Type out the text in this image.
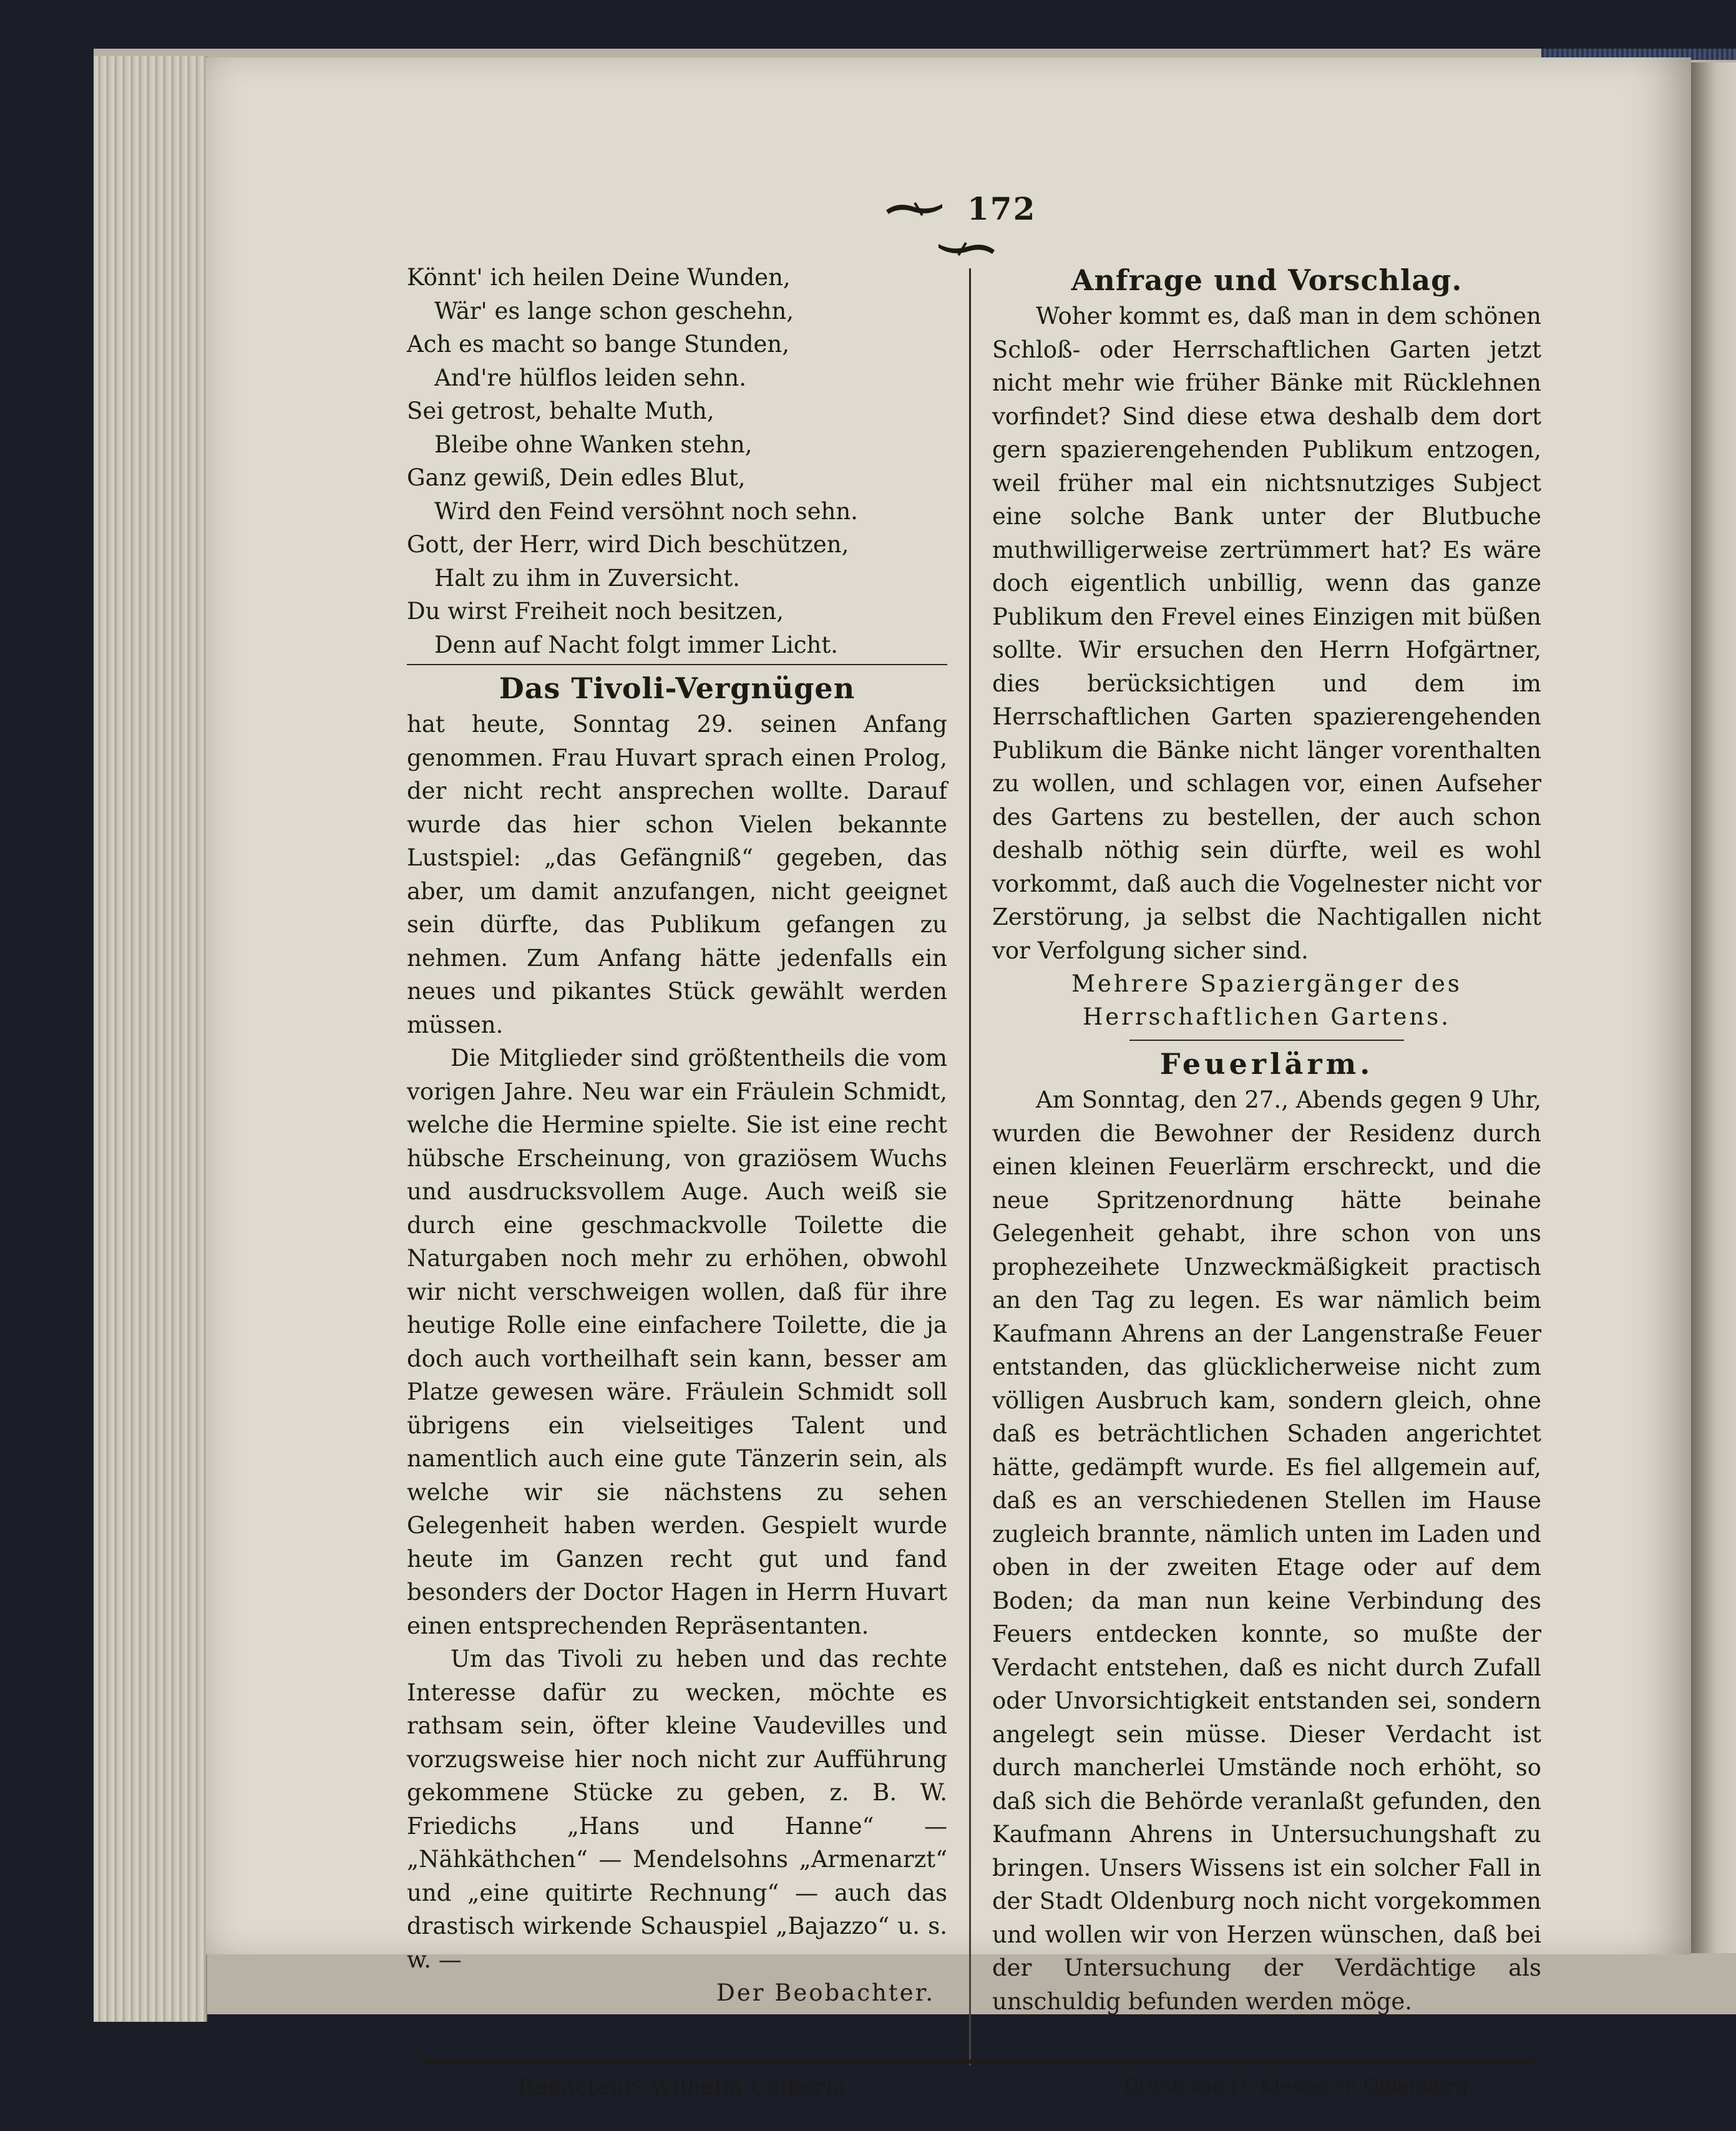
172
Könnt' ich heilen Deine Wunden,
Wär' es lange schon geschehn,
Ach es macht so bange Stunden,
And're hülflos leiden sehn.
Sei getrost, behalte Muth,
Bleibe ohne Wanken stehn,
Ganz gewiß, Dein edles Blut,
Wird den Feind versöhnt noch sehn.
Gott, der Herr, wird Dich beschützen,
Halt zu ihm in Zuversicht.
Du wirst Freiheit noch besitzen,
Denn auf Nacht folgt immer Licht.
Das Tivoli-Vergnügen

hat heute, Sonntag 29. seinen Anfang genommen. Frau Huvart sprach einen Prolog, der nicht recht ansprechen wollte. Darauf wurde das hier schon Vielen bekannte Lustspiel: „das Gefängniß“ gegeben, das aber, um damit anzufangen, nicht geeignet sein dürfte, das Publikum gefangen zu nehmen. Zum Anfang hätte jedenfalls ein neues und pikantes Stück gewählt werden müssen.

Die Mitglieder sind größtentheils die vom vorigen Jahre. Neu war ein Fräulein Schmidt, welche die Hermine spielte. Sie ist eine recht hübsche Erscheinung, von graziösem Wuchs und ausdrucksvollem Auge. Auch weiß sie durch eine geschmackvolle Toilette die Naturgaben noch mehr zu erhöhen, obwohl wir nicht verschweigen wollen, daß für ihre heutige Rolle eine einfachere Toilette, die ja doch auch vortheilhaft sein kann, besser am Platze gewesen wäre. Fräulein Schmidt soll übrigens ein vielseitiges Talent und namentlich auch eine gute Tänzerin sein, als welche wir sie nächstens zu sehen Gelegenheit haben werden. Gespielt wurde heute im Ganzen recht gut und fand besonders der Doctor Hagen in Herrn Huvart einen entsprechenden Repräsentanten.

Um das Tivoli zu heben und das rechte Interesse dafür zu wecken, möchte es rathsam sein, öfter kleine Vaudevilles und vorzugsweise hier noch nicht zur Aufführung gekommene Stücke zu geben, z. B. W. Friedichs „Hans und Hanne“ — „Nähkäthchen“ — Mendelsohns „Armenarzt“ und „eine quitirte Rechnung“ — auch das drastisch wirkende Schauspiel „Bajazzo“ u. s. w. —

Der Beobachter.
Anfrage und Vorschlag.

Woher kommt es, daß man in dem schönen Schloß- oder Herrschaftlichen Garten jetzt nicht mehr wie früher Bänke mit Rücklehnen vorfindet? Sind diese etwa deshalb dem dort gern spazierengehenden Publikum entzogen, weil früher mal ein nichtsnutziges Subject eine solche Bank unter der Blutbuche muthwilligerweise zertrümmert hat? Es wäre doch eigentlich unbillig, wenn das ganze Publikum den Frevel eines Einzigen mit büßen sollte. Wir ersuchen den Herrn Hofgärtner, dies berücksichtigen und dem im Herrschaftlichen Garten spazierengehenden Publikum die Bänke nicht länger vorenthalten zu wollen, und schlagen vor, einen Aufseher des Gartens zu bestellen, der auch schon deshalb nöthig sein dürfte, weil es wohl vorkommt, daß auch die Vogelnester nicht vor Zerstörung, ja selbst die Nachtigallen nicht vor Verfolgung sicher sind.

Mehrere Spaziergänger des
Herrschaftlichen Gartens.
Feuerlärm.

Am Sonntag, den 27., Abends gegen 9 Uhr, wurden die Bewohner der Residenz durch einen kleinen Feuerlärm erschreckt, und die neue Spritzenordnung hätte beinahe Gelegenheit gehabt, ihre schon von uns prophezeihete Unzweckmäßigkeit practisch an den Tag zu legen. Es war nämlich beim Kaufmann Ahrens an der Langenstraße Feuer entstanden, das glücklicherweise nicht zum völligen Ausbruch kam, sondern gleich, ohne daß es beträchtlichen Schaden angerichtet hätte, gedämpft wurde. Es fiel allgemein auf, daß es an verschiedenen Stellen im Hause zugleich brannte, nämlich unten im Laden und oben in der zweiten Etage oder auf dem Boden; da man nun keine Verbindung des Feuers entdecken konnte, so mußte der Verdacht entstehen, daß es nicht durch Zufall oder Unvorsichtigkeit entstanden sei, sondern angelegt sein müsse. Dieser Verdacht ist durch mancherlei Umstände noch erhöht, so daß sich die Behörde veranlaßt gefunden, den Kaufmann Ahrens in Untersuchungshaft zu bringen. Unsers Wissens ist ein solcher Fall in der Stadt Oldenburg noch nicht vorgekommen und wollen wir von Herzen wünschen, daß bei der Untersuchung der Verdächtige als unschuldig befunden werden möge.

Redacteur: Wilhelm Calberla.	Druck von H. Klesser in Oldenburg.
